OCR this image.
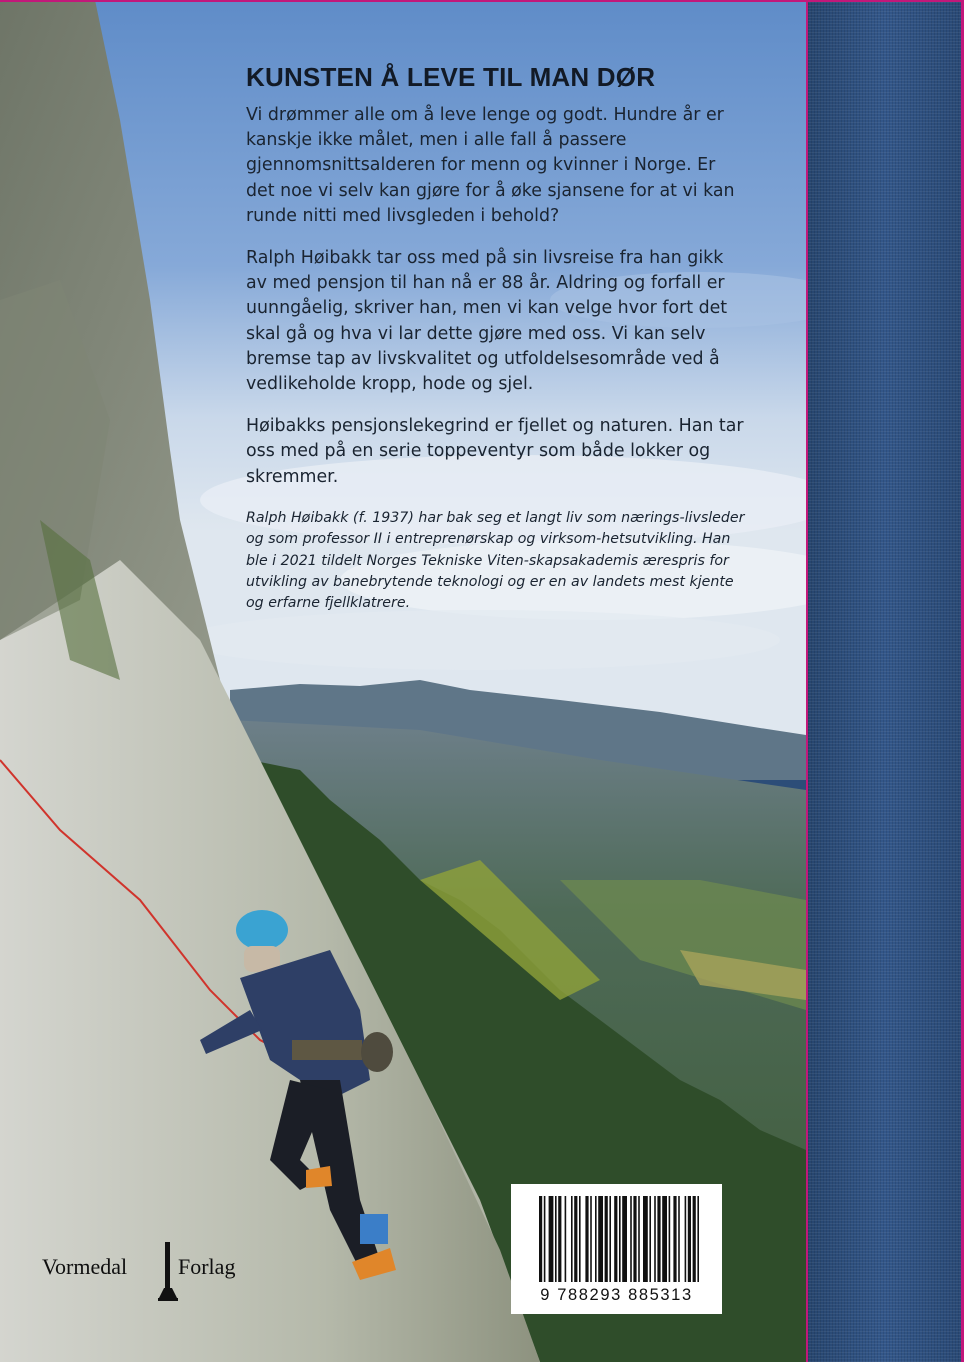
KUNSTEN Å LEVE TIL MAN DØR

Vi drømmer alle om å leve lenge og godt. Hundre år er kanskje ikke målet, men i alle fall å passere gjennomsnittsalderen for menn og kvinner i Norge. Er det noe vi selv kan gjøre for å øke sjansene for at vi kan runde nitti med livsgleden i behold?

Ralph Høibakk tar oss med på sin livsreise fra han gikk av med pensjon til han nå er 88 år. Aldring og forfall er uunngåelig, skriver han, men vi kan velge hvor fort det skal gå og hva vi lar dette gjøre med oss. Vi kan selv bremse tap av livskvalitet og utfoldelsesområde ved å vedlikeholde kropp, hode og sjel.

Høibakks pensjonslekegrind er fjellet og naturen. Han tar oss med på en serie toppeventyr som både lokker og skremmer.

Ralph Høibakk (f. 1937) har bak seg et langt liv som nærings-livsleder og som professor II i entreprenørskap og virksom-hetsutvikling. Han ble i 2021 tildelt Norges Tekniske Viten-skapsakademis ærespris for utvikling av banebrytende teknologi og er en av landets mest kjente og erfarne fjellklatrere.

Vormedal Forlag
9 788293 885313
